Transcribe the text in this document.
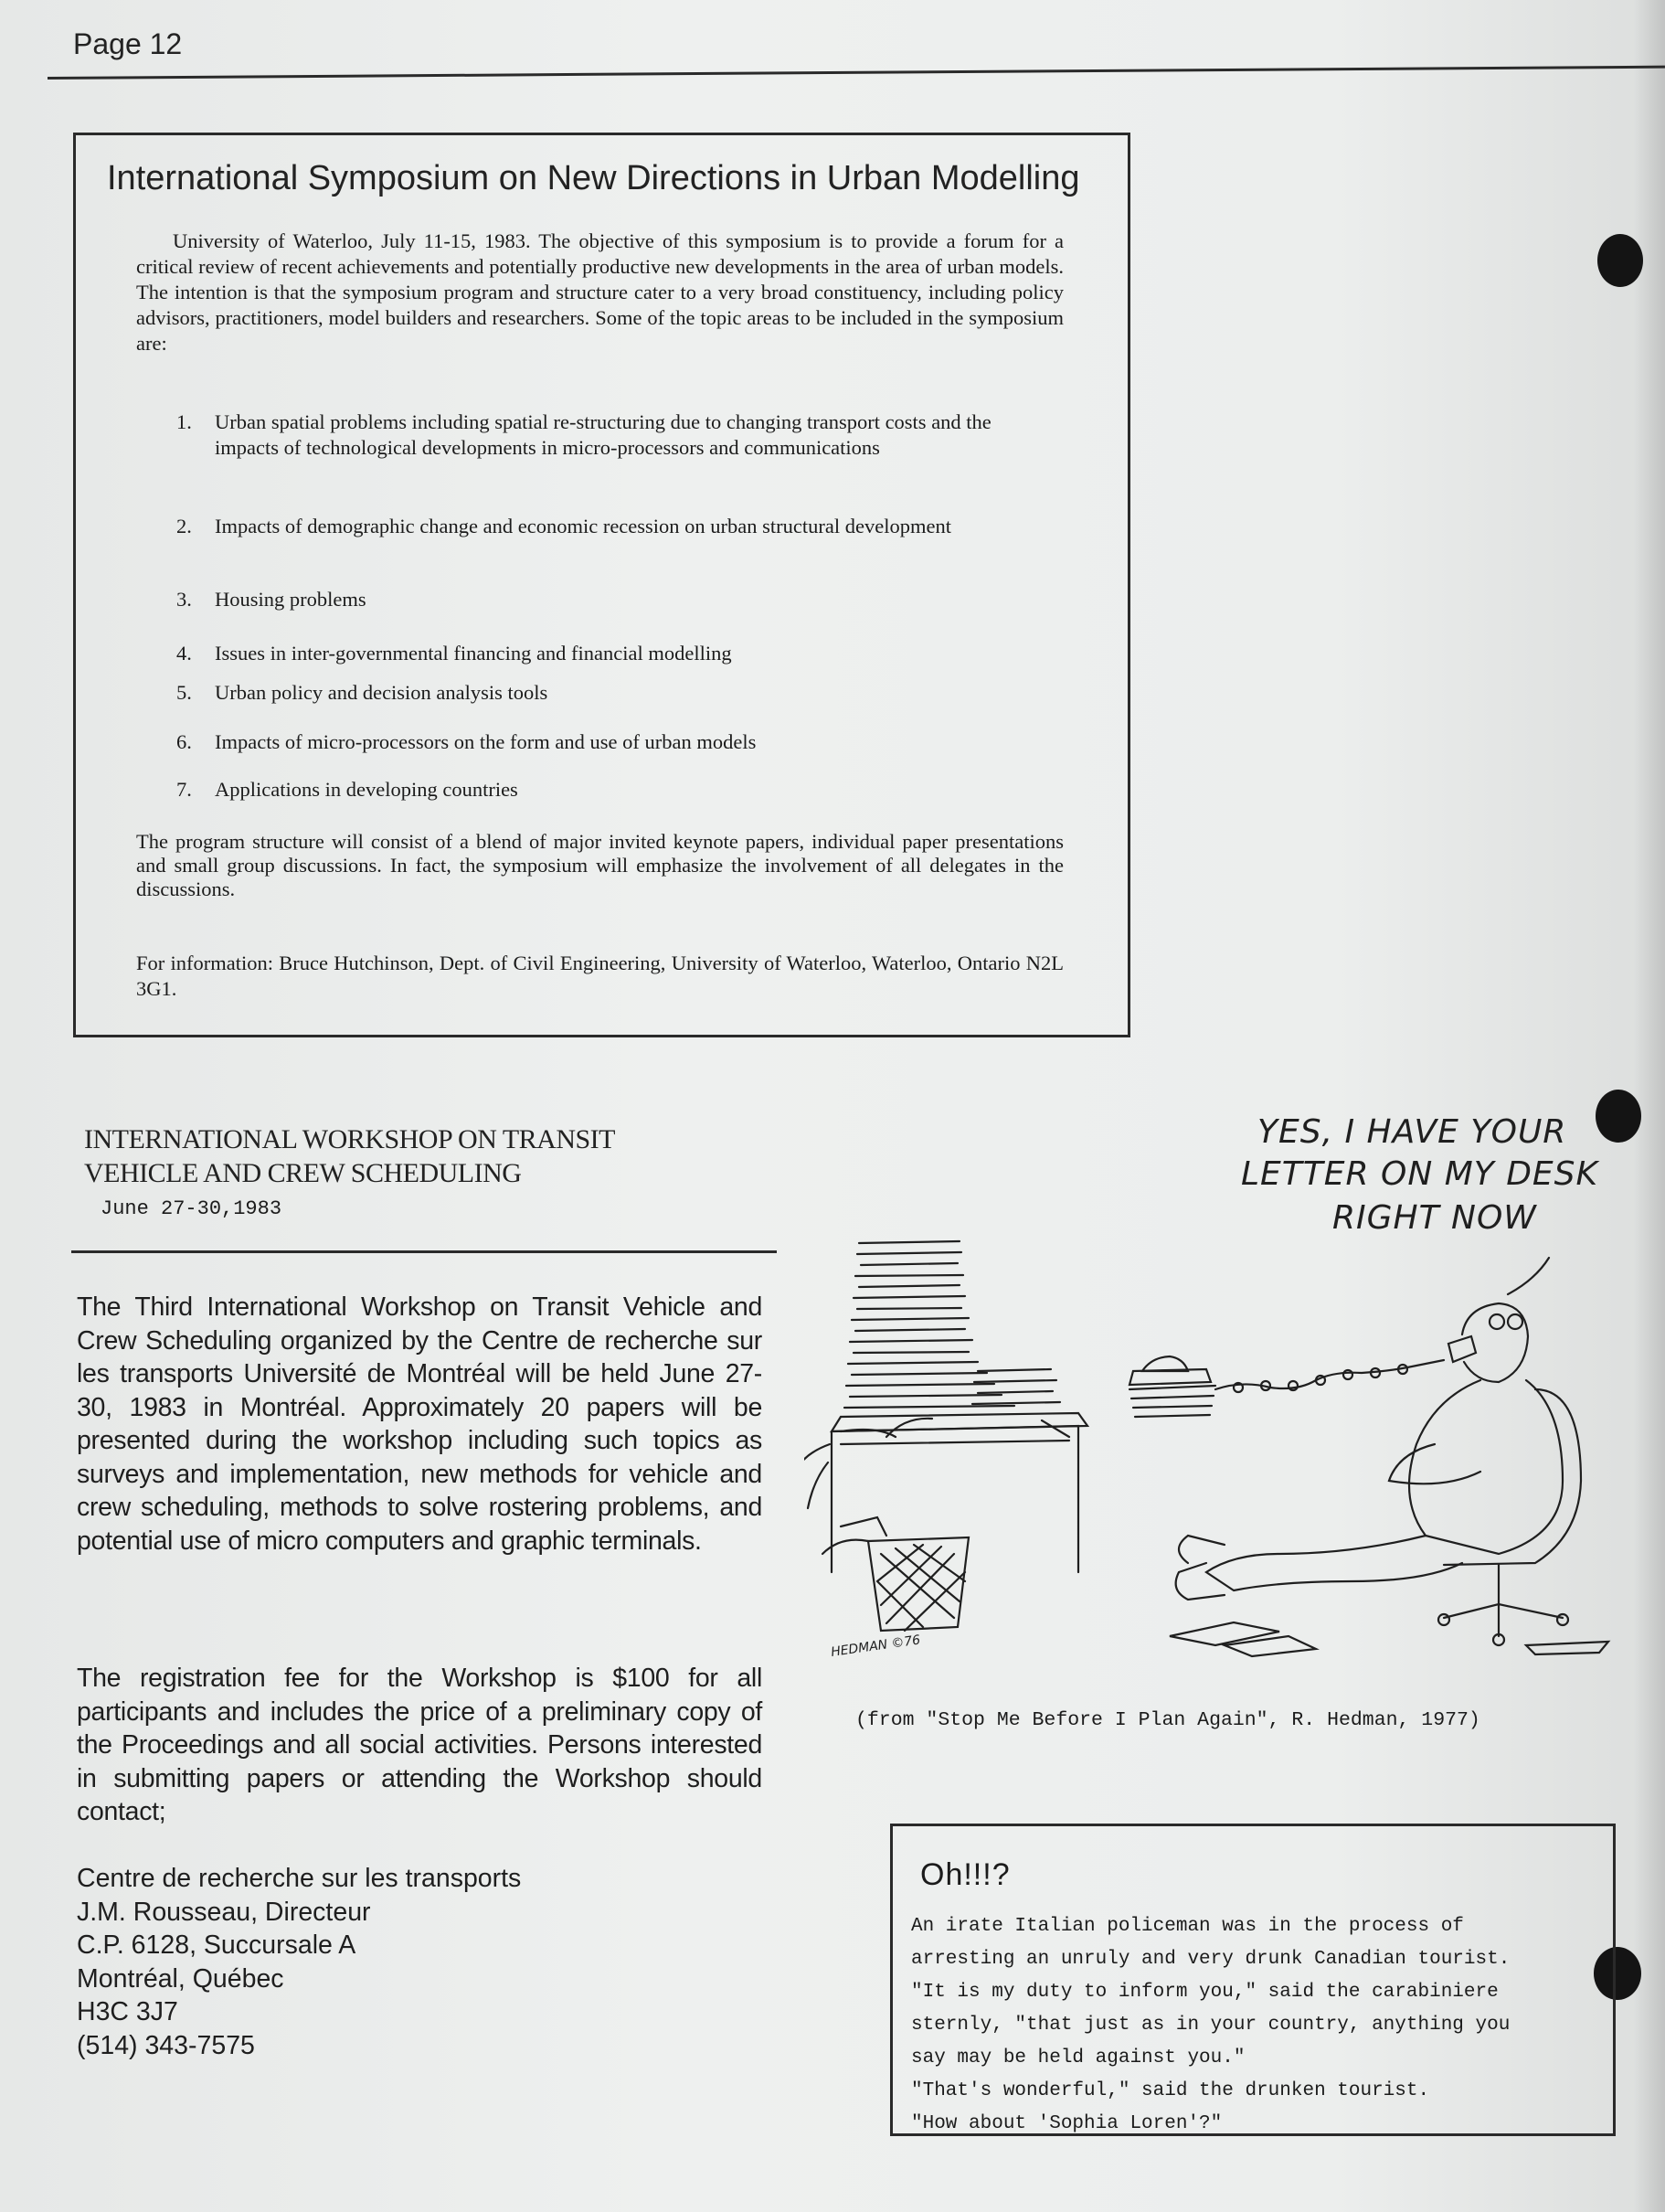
Page 12
International Symposium on New Directions in Urban Modelling

University of Waterloo, July 11-15, 1983. The objective of this symposium is to provide a forum for a critical review of recent achievements and potentially productive new developments in the area of urban models. The intention is that the symposium program and structure cater to a very broad constituency, including policy advisors, practitioners, model builders and researchers. Some of the topic areas to be included in the symposium are:

1. Urban spatial problems including spatial re-structuring due to changing transport costs and the impacts of technological developments in micro-processors and communications
2. Impacts of demographic change and economic recession on urban structural development
3. Housing problems
4. Issues in inter-governmental financing and financial modelling
5. Urban policy and decision analysis tools
6. Impacts of micro-processors on the form and use of urban models
7. Applications in developing countries

The program structure will consist of a blend of major invited keynote papers, individual paper presentations and small group discussions. In fact, the symposium will emphasize the involvement of all delegates in the discussions.

For information: Bruce Hutchinson, Dept. of Civil Engineering, University of Waterloo, Waterloo, Ontario N2L 3G1.

INTERNATIONAL WORKSHOP ON TRANSIT
VEHICLE AND CREW SCHEDULING
June 27-30,1983

The Third International Workshop on Transit Vehicle and Crew Scheduling organized by the Centre de recherche sur les transports Université de Montréal will be held June 27-30, 1983 in Montréal. Approximately 20 papers will be presented during the workshop including such topics as surveys and implementation, new methods for vehicle and crew scheduling, methods to solve rostering problems, and potential use of micro computers and graphic terminals.

The registration fee for the Workshop is $100 for all participants and includes the price of a preliminary copy of the Proceedings and all social activities. Persons interested in submitting papers or attending the Workshop should contact;

Centre de recherche sur les transports
J.M. Rousseau, Directeur
C.P. 6128, Succursale A
Montréal, Québec
H3C 3J7
(514) 343-7575
YES, I HAVE YOUR
LETTER ON MY DESK
RIGHT NOW
HEDMAN ©76
(from "Stop Me Before I Plan Again", R. Hedman, 1977)
Oh!!!?
An irate Italian policeman was in the process of
arresting an unruly and very drunk Canadian tourist.
"It is my duty to inform you," said the carabiniere
sternly, "that just as in your country, anything you
say may be held against you."
"That's wonderful," said the drunken tourist.
"How about 'Sophia Loren'?"
